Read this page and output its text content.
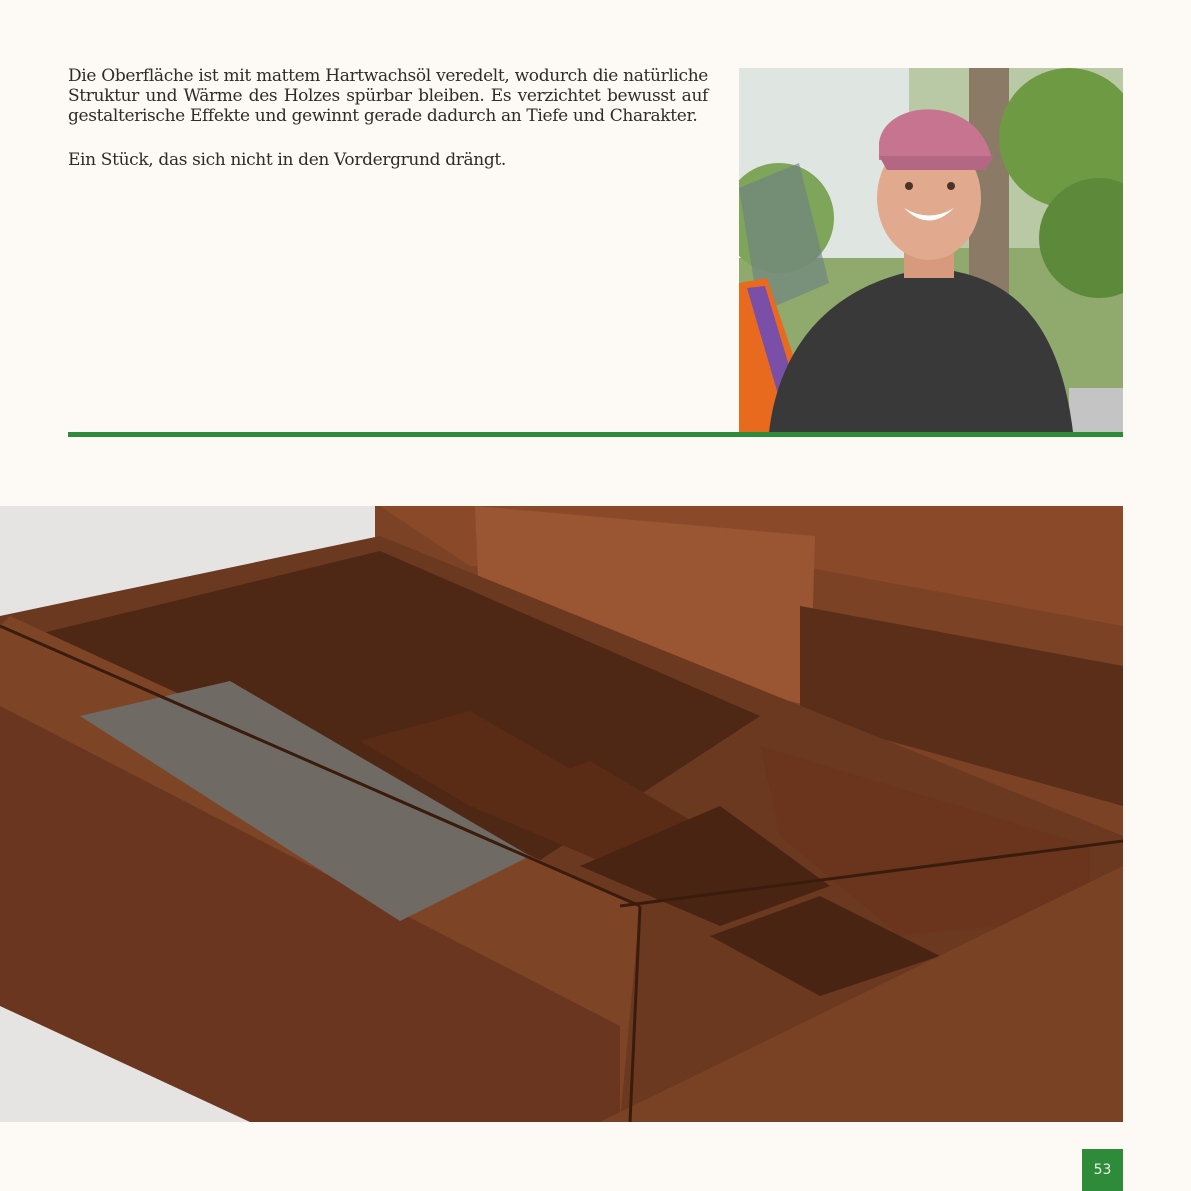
Die Oberfläche ist mit mattem Hartwachsöl veredelt, wodurch die natürliche Struktur und Wärme des Holzes spürbar bleiben. Es verzichtet bewusst auf gestalterische Effekte und gewinnt gerade dadurch an Tiefe und Charakter.

Ein Stück, das sich nicht in den Vordergrund drängt.

53
